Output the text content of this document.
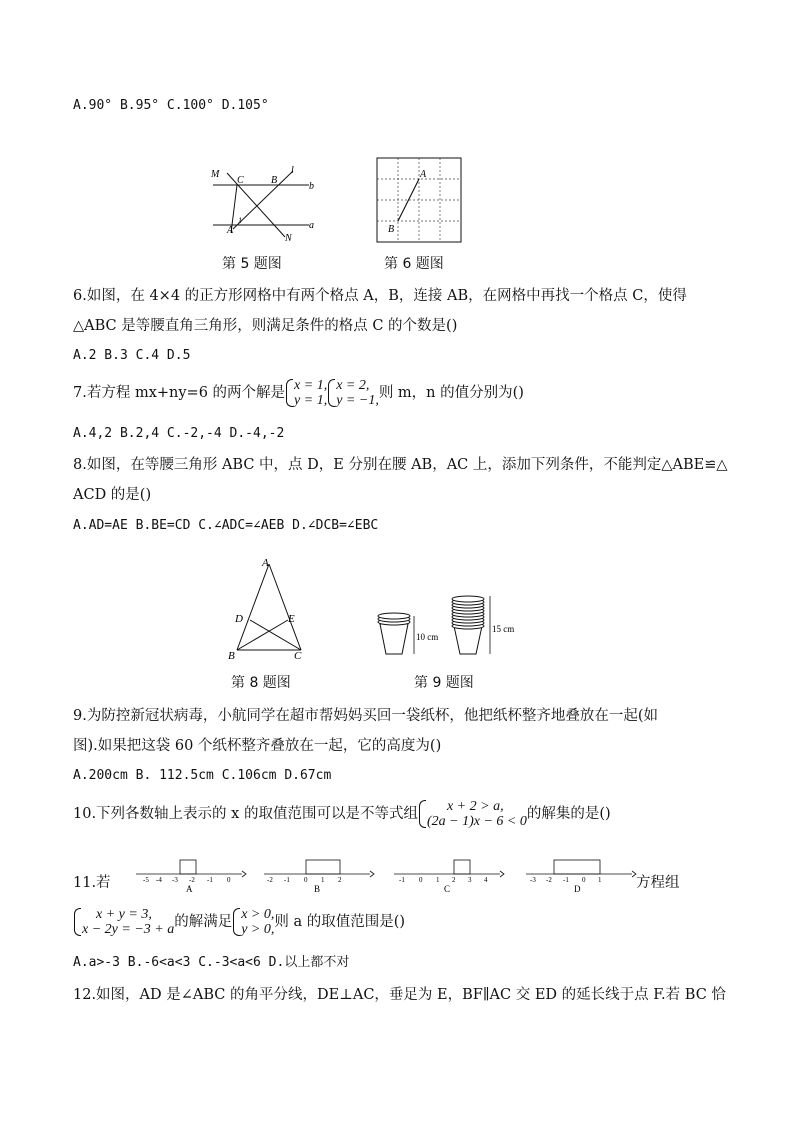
A.90° B.95° C.100° D.105°
M
C	B
l
b
1
A
N
a
第 5 题图
A
B
第 6 题图
6.如图，在 4×4 的正方形网格中有两个格点 A，B，连接 AB，在网格中再找一个格点 C，使得
△ABC 是等腰直角三角形，则满足条件的格点 C 的个数是()
A.2 B.3 C.4 D.5
7.若方程 mx+ny=6 的两个解是 x = 1,
y = 1,
x = 2,
y = −1, 则 m，n 的值分别为()
A.4,2 B.2,4 C.-2,-4 D.-4,-2
8.如图，在等腰三角形 ABC 中，点 D，E 分别在腰 AB，AC 上，添加下列条件，不能判定△ABE≌△
ACD 的是()
A.AD=AE B.BE=CD C.∠ADC=∠AEB D.∠DCB=∠EBC
A
D	E
B	C
第 8 题图
10 cm
15 cm
第 9 题图
9.为防控新冠状病毒，小航同学在超市帮妈妈买回一袋纸杯，他把纸杯整齐地叠放在一起(如
图).如果把这袋 60 个纸杯整齐叠放在一起，它的高度为()
A.200cm B. 112.5cm C.106cm D.67cm
10.下列各数轴上表示的 x 的取值范围可以是不等式组	x + 2 > a,
(2a − 1)x − 6 < 0 的解集的是()
11.若	-5 -4 -3 -2 -1 0
A
-2 -1 0 1 2
B
-1 0 1 2 3 4
C
-3 -2 -1 0 1
D	方程组
x + y = 3,
x − 2y = −3 + a 的解满足 x > 0,
y > 0, 则 a 的取值范围是()
A.a>-3 B.-6<a<3 C.-3<a<6 D.以上都不对
12.如图，AD 是∠ABC 的角平分线，DE⊥AC，垂足为 E，BF∥AC 交 ED 的延长线于点 F.若 BC 恰
